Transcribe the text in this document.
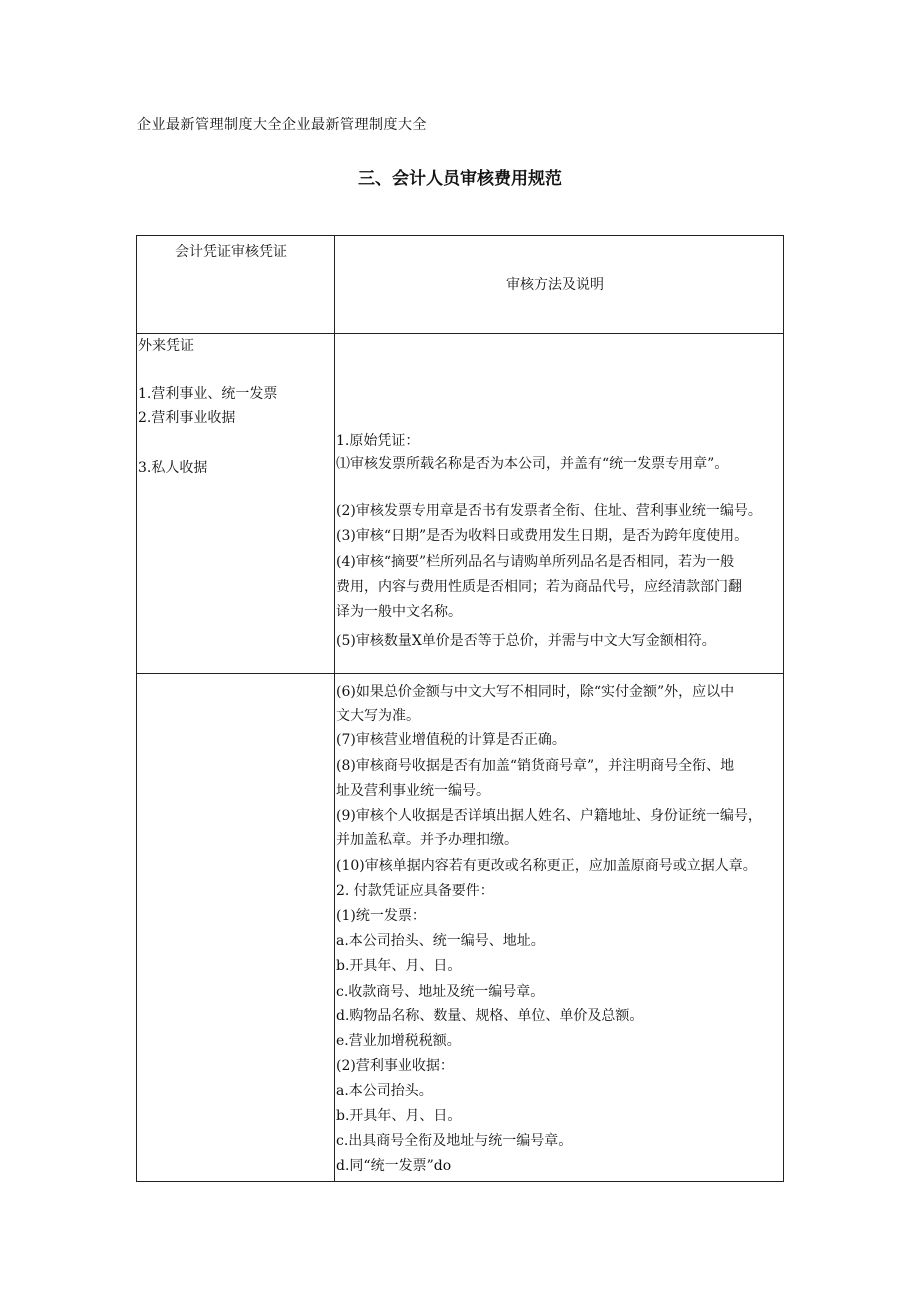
企业最新管理制度大全企业最新管理制度大全
三、会计人员审核费用规范
会计凭证审核凭证
审核方法及说明
外来凭证
1.营利事业、统一发票
2.营利事业收据
3.私人收据
1.原始凭证：
⑴审核发票所载名称是否为本公司，并盖有“统一发票专用章”。
(2)审核发票专用章是否书有发票者全衔、住址、营利事业统一编号。
(3)审核“日期”是否为收料日或费用发生日期，是否为跨年度使用。
(4)审核“摘要”栏所列品名与请购单所列品名是否相同，若为一般
费用，内容与费用性质是否相同；若为商品代号，应经清款部门翻
译为一般中文名称。
(5)审核数量X单价是否等于总价，并需与中文大写金额相符。
(6)如果总价金额与中文大写不相同时，除“实付金额”外，应以中
文大写为准。
(7)审核营业增值税的计算是否正确。
(8)审核商号收据是否有加盖“销货商号章”，并注明商号全衔、地
址及营利事业统一编号。
(9)审核个人收据是否详填出据人姓名、户籍地址、身份证统一编号，
并加盖私章。并予办理扣缴。
(10)审核单据内容若有更改或名称更正，应加盖原商号或立据人章。
2. 付款凭证应具备要件：
(1)统一发票：
a.本公司抬头、统一编号、地址。
b.开具年、月、日。
c.收款商号、地址及统一编号章。
d.购物品名称、数量、规格、单位、单价及总额。
e.营业加增税税额。
(2)营利事业收据：
a.本公司抬头。
b.开具年、月、日。
c.出具商号全衔及地址与统一编号章。
d.同“统一发票”do
